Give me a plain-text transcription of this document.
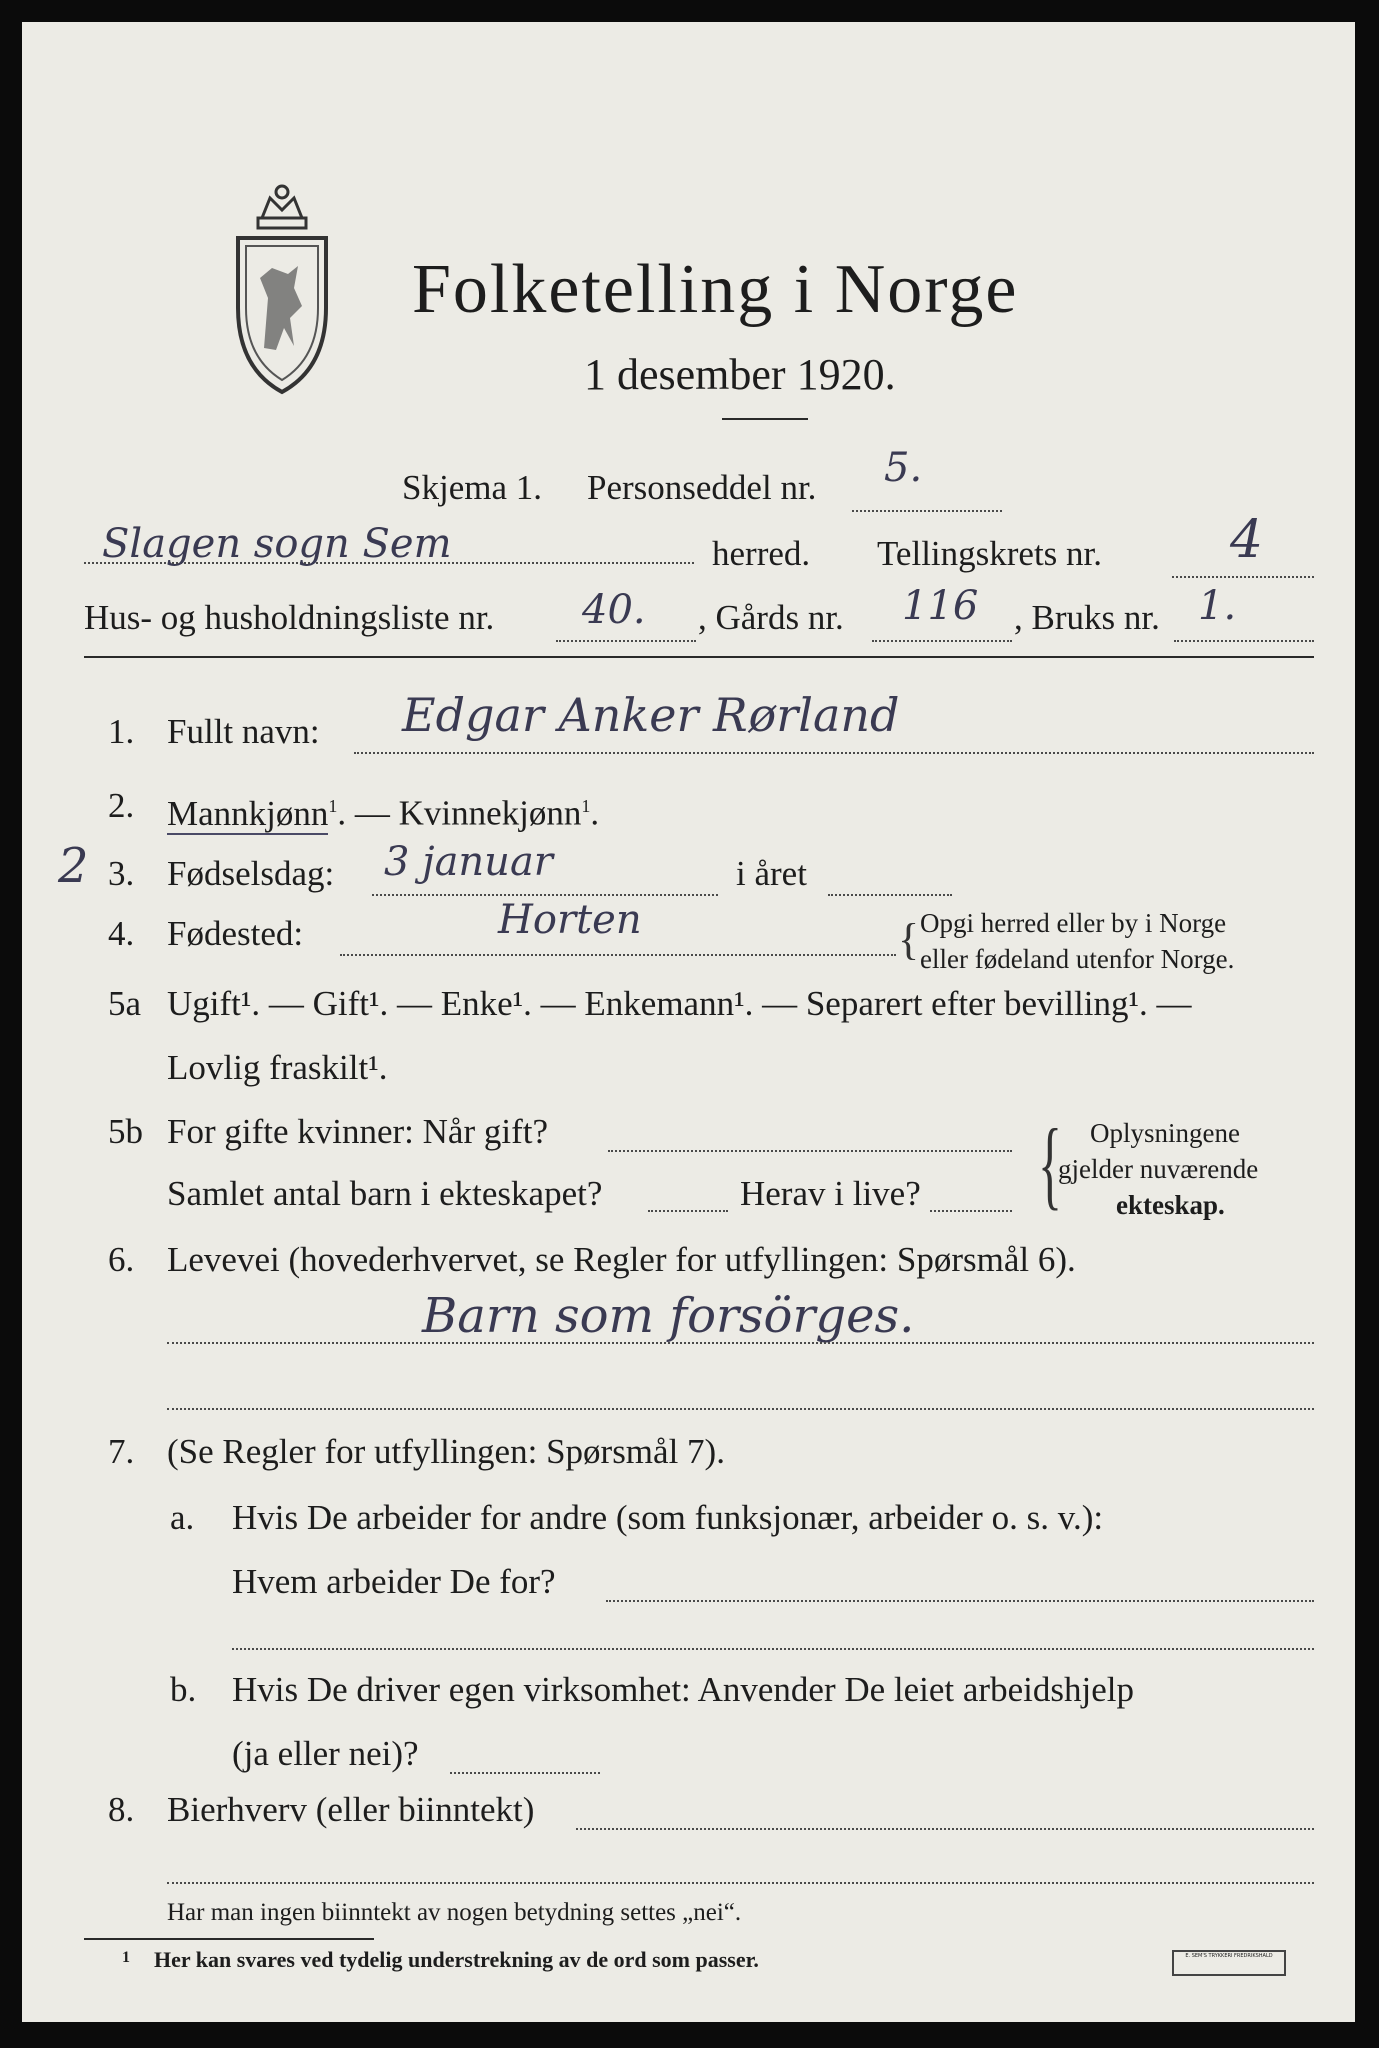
Folketelling i Norge
1 desember 1920.
Skjema 1. Personseddel nr. 5.
Slagen sogn Sem	herred. Tellingskrets nr. 4
Hus- og husholdningsliste nr. 40. , Gårds nr. 116 , Bruks nr. 1.
1. Fullt navn: Edgar Anker Rørland
2. Mannkjønn$^1$. — Kvinnekjønn$^1$.
2 3. Fødselsdag: 3 januar	i året
4. Fødested:	Horten	{ Opgi herred eller by i Norge
eller fødeland utenfor Norge.
5a Ugift¹. — Gift¹. — Enke¹. — Enkemann¹. — Separert efter bevilling¹. —
Lovlig fraskilt¹.
5b For gifte kvinner: Når gift?
Samlet antal barn i ekteskapet?	Herav i live? { Oplysningene
gjelder nuværende
ekteskap.
6. Levevei (hovederhvervet, se Regler for utfyllingen: Spørsmål 6).
Barn som forsörges.
7. (Se Regler for utfyllingen: Spørsmål 7).
a. Hvis De arbeider for andre (som funksjonær, arbeider o. s. v.):
Hvem arbeider De for?
b. Hvis De driver egen virksomhet: Anvender De leiet arbeidshjelp
(ja eller nei)?
8. Bierhverv (eller biinntekt)
Har man ingen biinntekt av nogen betydning settes „nei“.
1 Her kan svares ved tydelig understrekning av de ord som passer.	E. SEM'S TRYKKERI FREDRIKSHALD
